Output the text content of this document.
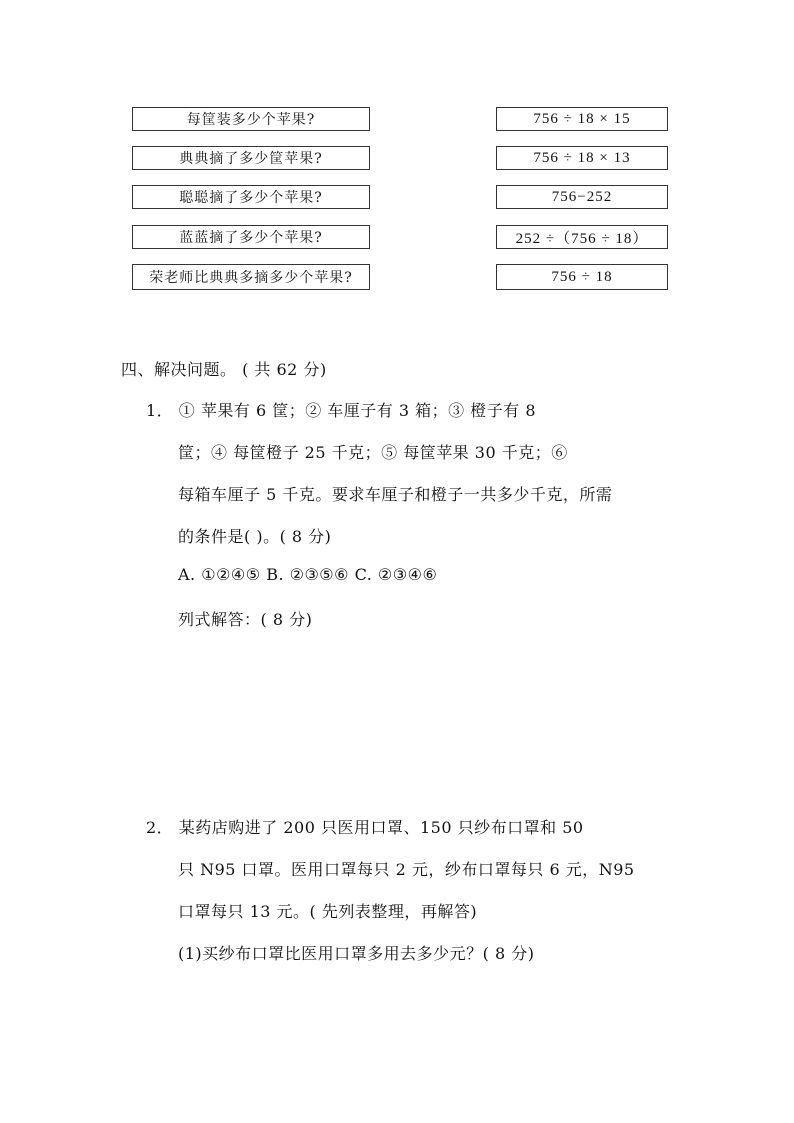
每筐装多少个苹果?
典典摘了多少筐苹果?
聪聪摘了多少个苹果?
蓝蓝摘了多少个苹果?
荣老师比典典多摘多少个苹果?
756 ÷ 18 × 15
756 ÷ 18 × 13
756−252
252 ÷（756 ÷ 18）
756 ÷ 18
四、解决问题。 ( 共 62 分)
1． ① 苹果有 6 筐；② 车厘子有 3 箱；③ 橙子有 8
筐；④ 每筐橙子 25 千克；⑤ 每筐苹果 30 千克；⑥
每箱车厘子 5 千克。要求车厘子和橙子一共多少千克，所需
的条件是( )。( 8 分)
A. ①②④⑤ B. ②③⑤⑥ C. ②③④⑥
列式解答：( 8 分)
2． 某药店购进了 200 只医用口罩、150 只纱布口罩和 50
只 N95 口罩。医用口罩每只 2 元，纱布口罩每只 6 元，N95
口罩每只 13 元。( 先列表整理，再解答)
(1)买纱布口罩比医用口罩多用去多少元？( 8 分)
